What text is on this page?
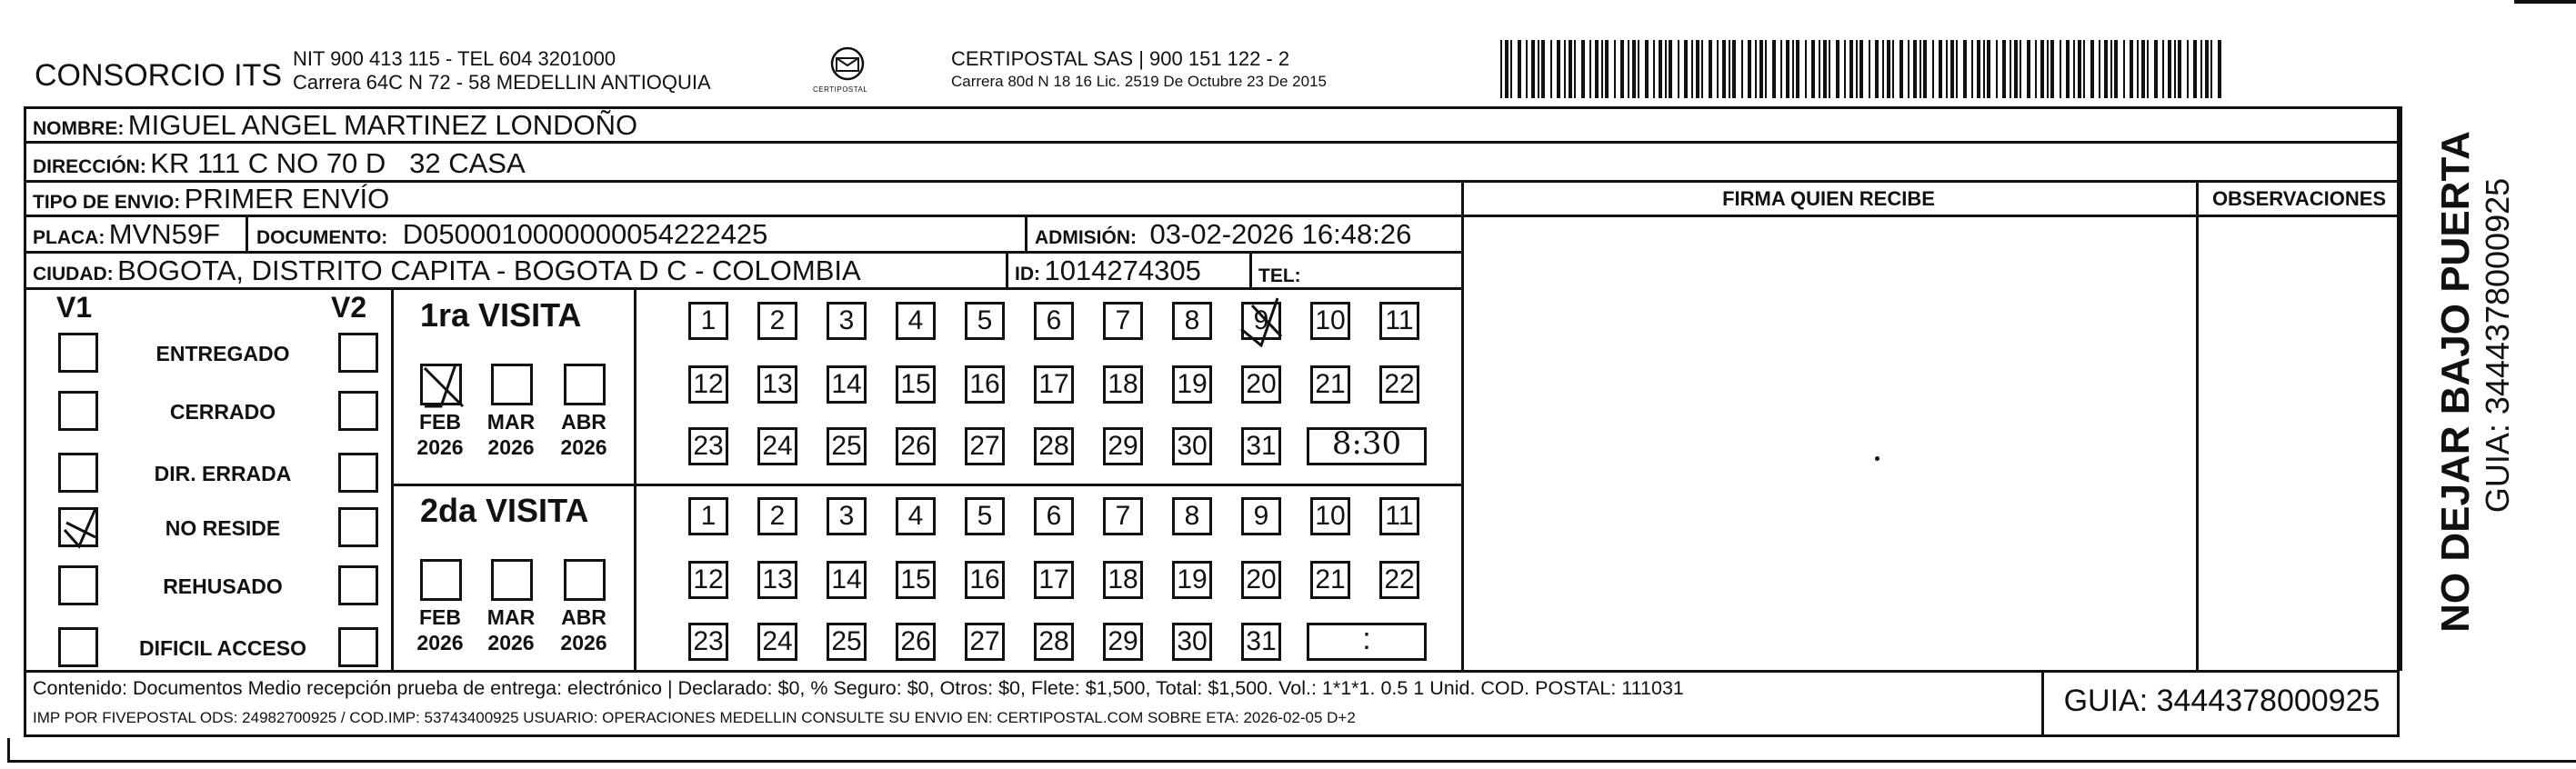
CONSORCIO ITS NIT 900 413 115 - TEL 604 3201000
Carrera 64C N 72 - 58 MEDELLIN ANTIOQUIA	CERTIPOSTAL
CERTIPOSTAL SAS | 900 151 122 - 2
Carrera 80d N 18 16 Lic. 2519 De Octubre 23 De 2015
NOMBRE: MIGUEL ANGEL MARTINEZ LONDOÑO
DIRECCIÓN: KR 111 C NO 70 D   32 CASA
TIPO DE ENVIO: PRIMER ENVÍO
PLACA: MVN59F DOCUMENTO: D0500010000000054222425	ADMISIÓN: 03-02-2026 16:48:26
CIUDAD: BOGOTA, DISTRITO CAPITA - BOGOTA D C - COLOMBIA	ID: 1014274305	TEL:
FIRMA QUIEN RECIBE	OBSERVACIONES
V1	V2
Contenido: Documentos Medio recepción prueba de entrega: electrónico | Declarado: $0, % Seguro: $0, Otros: $0, Flete: $1,500, Total: $1,500. Vol.: 1*1*1. 0.5 1 Unid. COD. POSTAL: 111031
IMP POR FIVEPOSTAL ODS: 24982700925 / COD.IMP: 53743400925 USUARIO: OPERACIONES MEDELLIN CONSULTE SU ENVIO EN: CERTIPOSTAL.COM SOBRE ETA: 2026-02-05 D+2	GUIA: 3444378000925
NO DEJAR BAJO PUERTA GUIA: 3444378000925
ENTREGADO
CERRADO
DIR. ERRADA
NO RESIDE
REHUSADO
DIFICIL ACCESO
1ra VISITA
FEB
2026
MAR
2026
ABR
2026
1	2	3	4	5	6	7	8	9	10 11
12 13 14 15 16 17 18 19 20 21 22
23 24 25 26 27 28 29 30 31	8:30
2da VISITA
FEB
2026
MAR
2026
ABR
2026
1	2	3	4	5	6	7	8	9	10 11
12 13 14 15 16 17 18 19 20 21 22
23 24 25 26 27 28 29 30 31	:
